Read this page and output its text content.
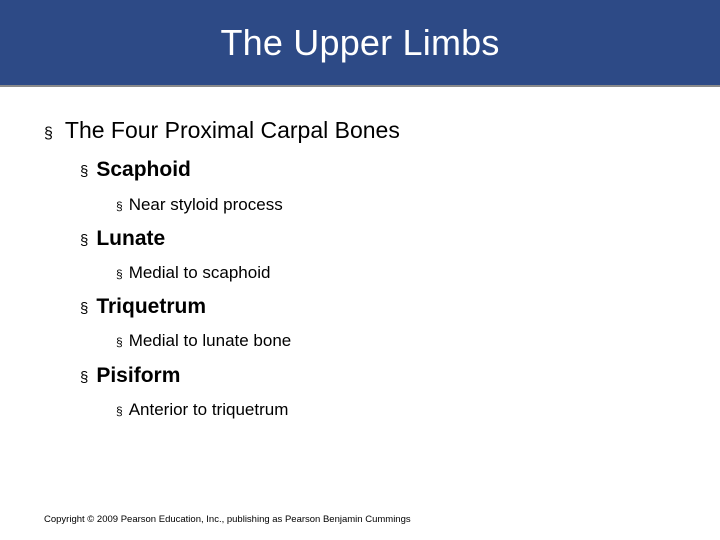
The Upper Limbs
§ The Four Proximal Carpal Bones
§ Scaphoid
§ Near styloid process
§ Lunate
§ Medial to scaphoid
§ Triquetrum
§ Medial to lunate bone
§ Pisiform
§ Anterior to triquetrum
Copyright © 2009 Pearson Education, Inc., publishing as Pearson Benjamin Cummings
